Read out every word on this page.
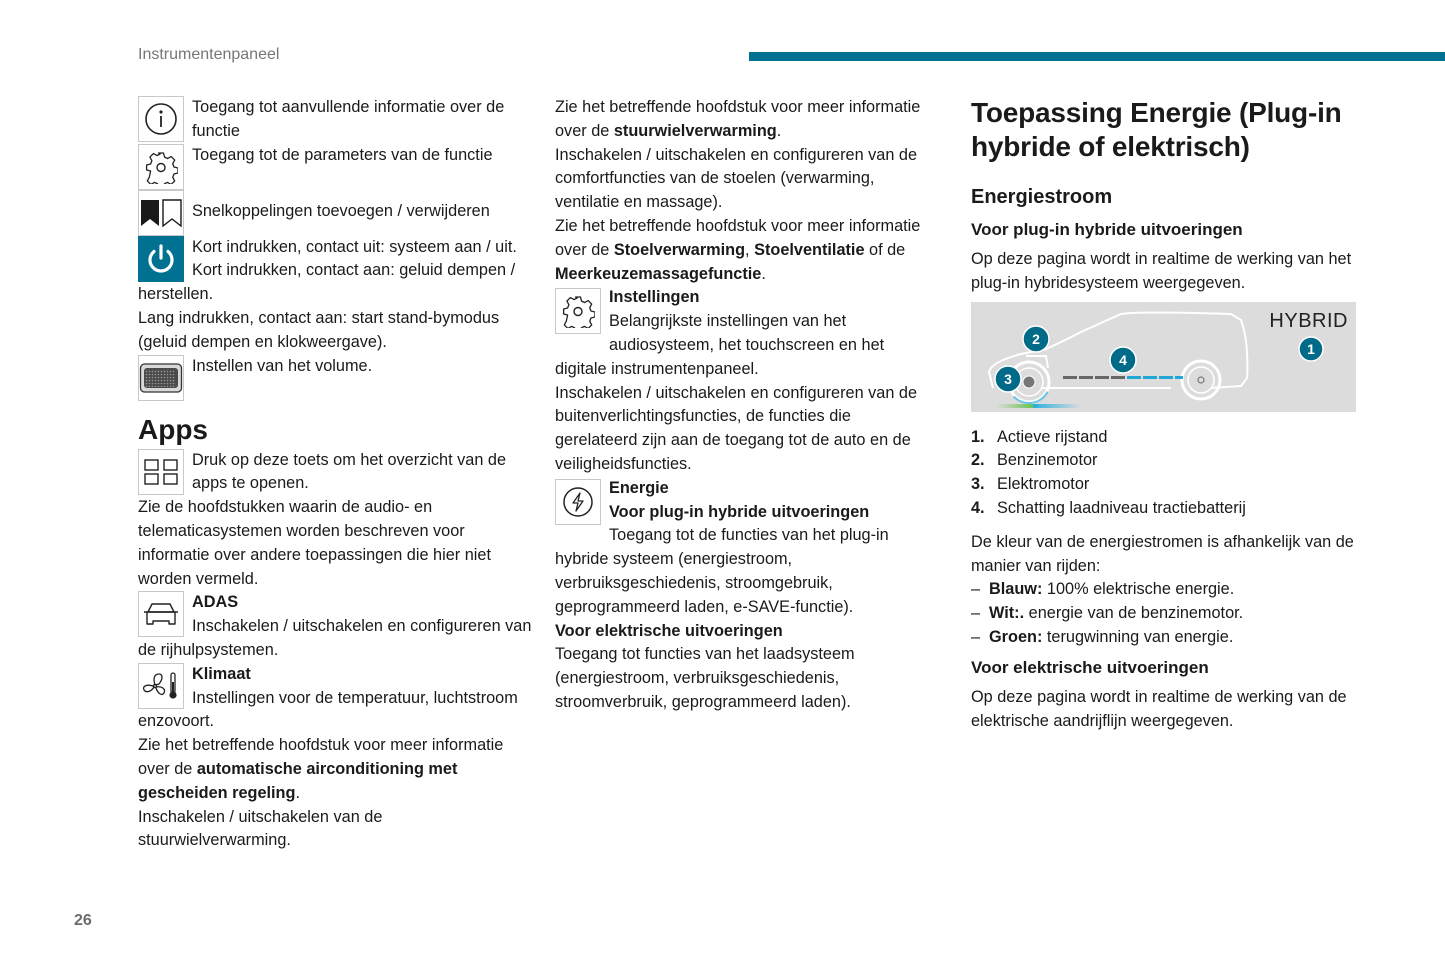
Instrumentenpaneel
26

Toegang tot aanvullende informatie over de functie

Toegang tot de parameters van de functie

Snelkoppelingen toevoegen / verwijderen

Kort indrukken, contact uit: systeem aan / uit.

Kort indrukken, contact aan: geluid dempen / herstellen.

Lang indrukken, contact aan: start stand-bymodus (geluid dempen en klokweergave).

Instellen van het volume.

Apps

Druk op deze toets om het overzicht van de apps te openen.

Zie de hoofdstukken waarin de audio- en telematicasystemen worden beschreven voor informatie over andere toepassingen die hier niet worden vermeld.

ADAS

Inschakelen / uitschakelen en configureren van de rijhulpsystemen.

Klimaat

Instellingen voor de temperatuur, luchtstroom enzovoort.

Zie het betreffende hoofdstuk voor meer informatie over de automatische airconditioning met gescheiden regeling.

Inschakelen / uitschakelen van de stuurwielverwarming.

Zie het betreffende hoofdstuk voor meer informatie over de stuurwielverwarming.

Inschakelen / uitschakelen en configureren van de comfortfuncties van de stoelen (verwarming, ventilatie en massage).

Zie het betreffende hoofdstuk voor meer informatie over de Stoelverwarming, Stoelventilatie of de Meerkeuzemassagefunctie.

Instellingen

Belangrijkste instellingen van het audiosysteem, het touchscreen en het digitale instrumentenpaneel.

Inschakelen / uitschakelen en configureren van de buitenverlichtingsfuncties, de functies die gerelateerd zijn aan de toegang tot de auto en de veiligheidsfuncties.

Energie

Voor plug-in hybride uitvoeringen

Toegang tot de functies van het plug-in hybride systeem (energiestroom, verbruiksgeschiedenis, stroomgebruik, geprogrammeerd laden, e-SAVE-functie).

Voor elektrische uitvoeringen

Toegang tot functies van het laadsysteem (energiestroom, verbruiksgeschiedenis, stroomverbruik, geprogrammeerd laden).

Toepassing Energie (Plug-in hybride of elektrisch)
Energiestroom
Voor plug-in hybride uitvoeringen

Op deze pagina wordt in realtime de werking van het plug-in hybridesysteem weergegeven.

2
3
4
1
HYBRID
1. Actieve rijstand
2. Benzinemotor
3. Elektromotor
4. Schatting laadniveau tractiebatterij

De kleur van de energiestromen is afhankelijk van de manier van rijden:

– Blauw: 100% elektrische energie.
– Wit:. energie van de benzinemotor.
– Groen: terugwinning van energie.
Voor elektrische uitvoeringen

Op deze pagina wordt in realtime de werking van de elektrische aandrijflijn weergegeven.
